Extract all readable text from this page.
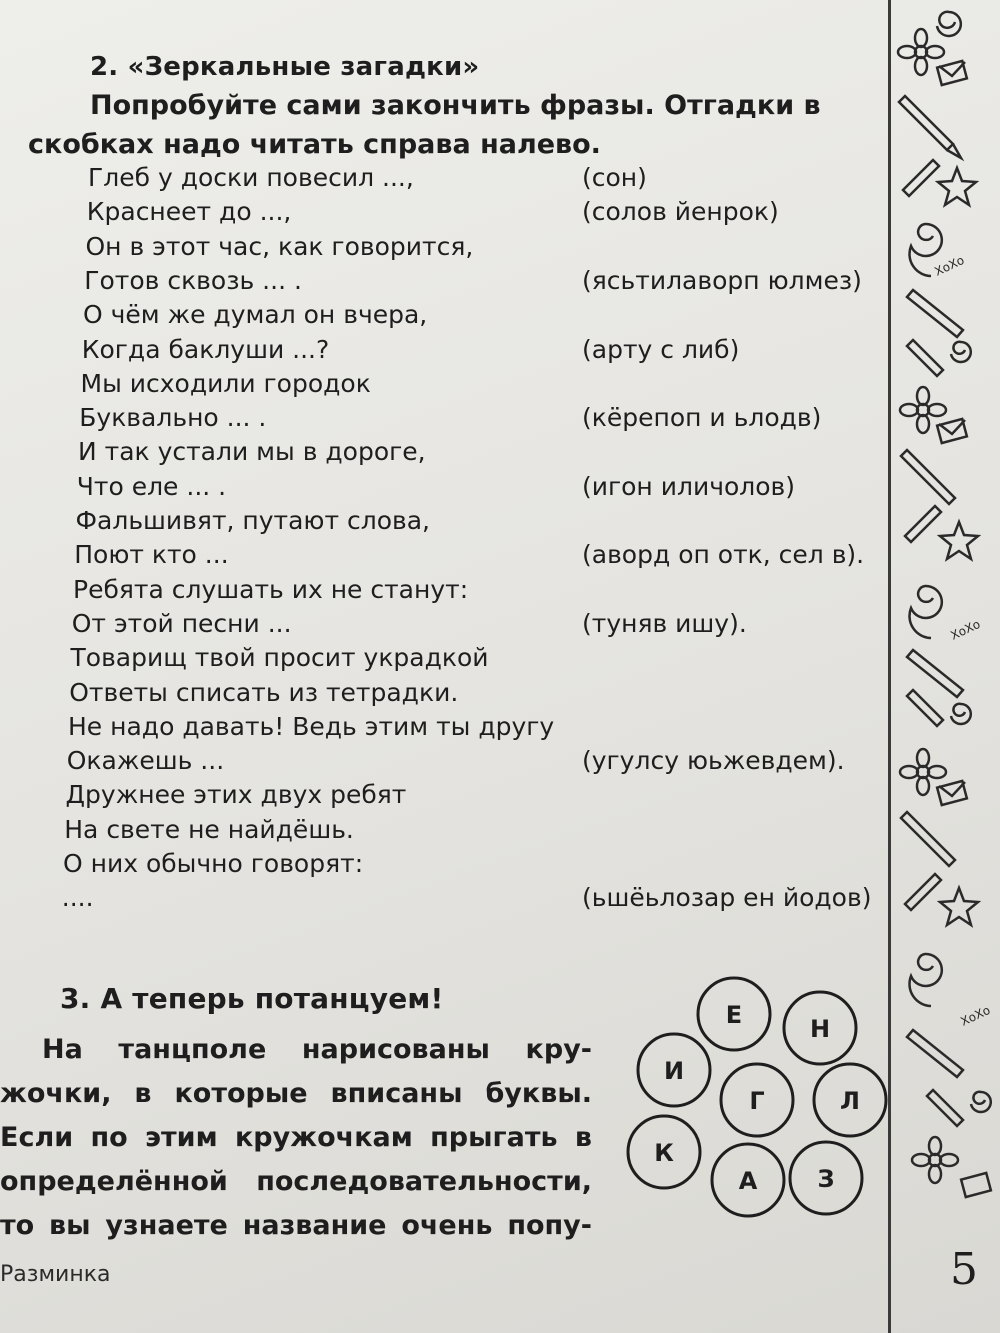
2. «Зеркальные загадки»
Попробуйте сами закончить фразы. Отгадки в скобках надо читать справа налево.
Глеб у доски повесил ...,	(сон)
Краснеет до ...,	(солов йенрок)
Он в этот час, как говорится,
Готов сквозь ... .	(яcьтилaвopп юлмез)
О чём же думал он вчера,
Когда баклуши ...?	(арту с либ)
Мы исходили городок
Буквально ... .	(кёрепоп и ьлодв)
И так устали мы в дороге,
Что еле ... .	(игон иличолов)
Фальшивят, путают слова,
Поют кто ...	(аворд оп отк, сел в).
Ребята слушать их не станут:
От этой песни ...	(туняв ишу).
Товарищ твой просит украдкой
Ответы списать из тетрадки.
Не надо давать! Ведь этим ты другу
Окажешь ...	(угулсу юьжевдем).
Дружнее этих двух ребят
На свете не найдёшь.
О них обычно говорят:
....	(ьшёьлозар ен йодов)
3. А теперь потанцуем!
На танцполе нарисованы кру-
жочки, в которые вписаны буквы.
Если по этим кружочкам прыгать в
определённой последовательности,
то вы узнаете название очень попу-
Е	Н
И
Г	Л
К
З
А
Разминка	5
XoXo
XoXo
XoXo
